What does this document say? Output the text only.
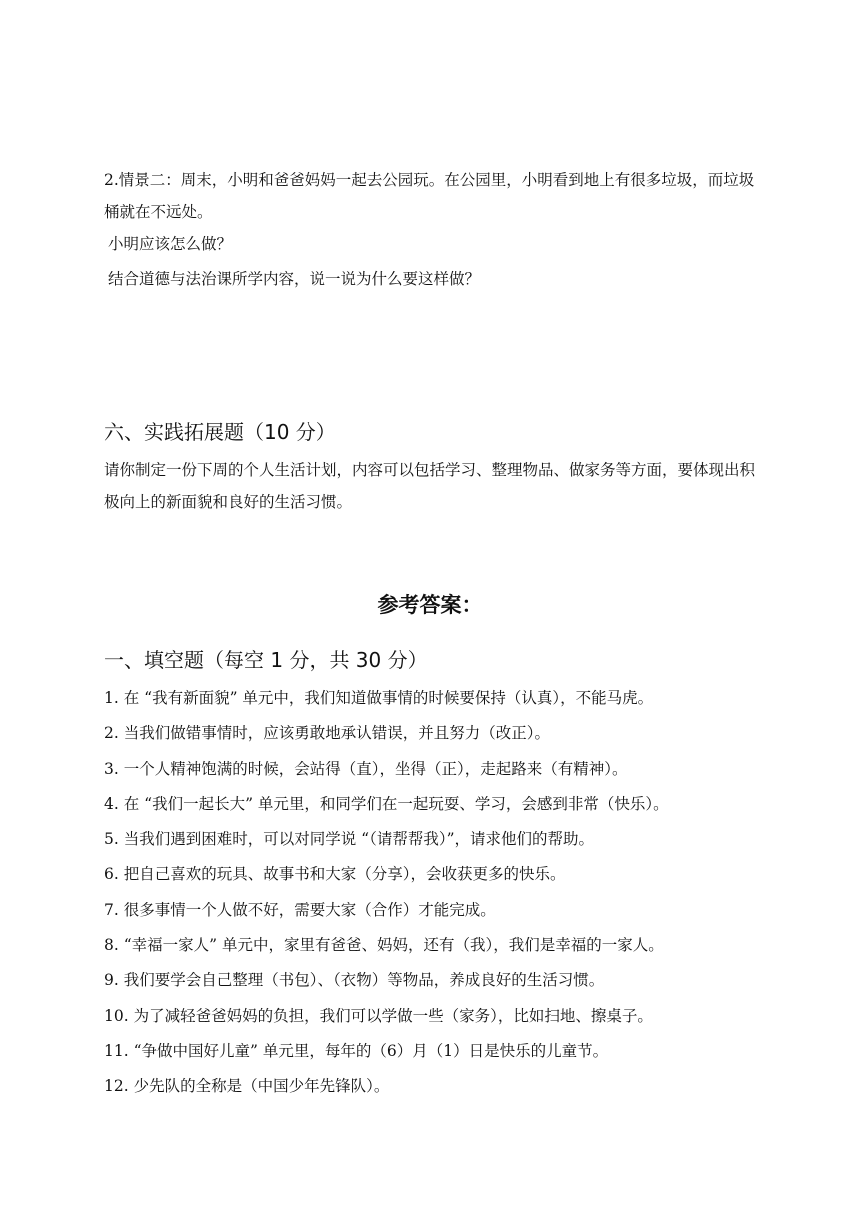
2.情景二：周末，小明和爸爸妈妈一起去公园玩。在公园里，小明看到地上有很多垃圾，而垃圾桶就在不远处。

小明应该怎么做？

结合道德与法治课所学内容，说一说为什么要这样做？

六、实践拓展题（10 分）

请你制定一份下周的个人生活计划，内容可以包括学习、整理物品、做家务等方面，要体现出积极向上的新面貌和良好的生活习惯。

参考答案：
一、填空题（每空 1 分，共 30 分）
1. 在 “我有新面貌” 单元中，我们知道做事情的时候要保持（认真），不能马虎。
2. 当我们做错事情时，应该勇敢地承认错误，并且努力（改正）。
3. 一个人精神饱满的时候，会站得（直），坐得（正），走起路来（有精神）。
4. 在 “我们一起长大” 单元里，和同学们在一起玩耍、学习，会感到非常（快乐）。
5. 当我们遇到困难时，可以对同学说 “（请帮帮我）”，请求他们的帮助。
6. 把自己喜欢的玩具、故事书和大家（分享），会收获更多的快乐。
7. 很多事情一个人做不好，需要大家（合作）才能完成。
8. “幸福一家人” 单元中，家里有爸爸、妈妈，还有（我），我们是幸福的一家人。
9. 我们要学会自己整理（书包）、（衣物）等物品，养成良好的生活习惯。
10. 为了减轻爸爸妈妈的负担，我们可以学做一些（家务），比如扫地、擦桌子。
11. “争做中国好儿童” 单元里，每年的（6）月（1）日是快乐的儿童节。
12. 少先队的全称是（中国少年先锋队）。
